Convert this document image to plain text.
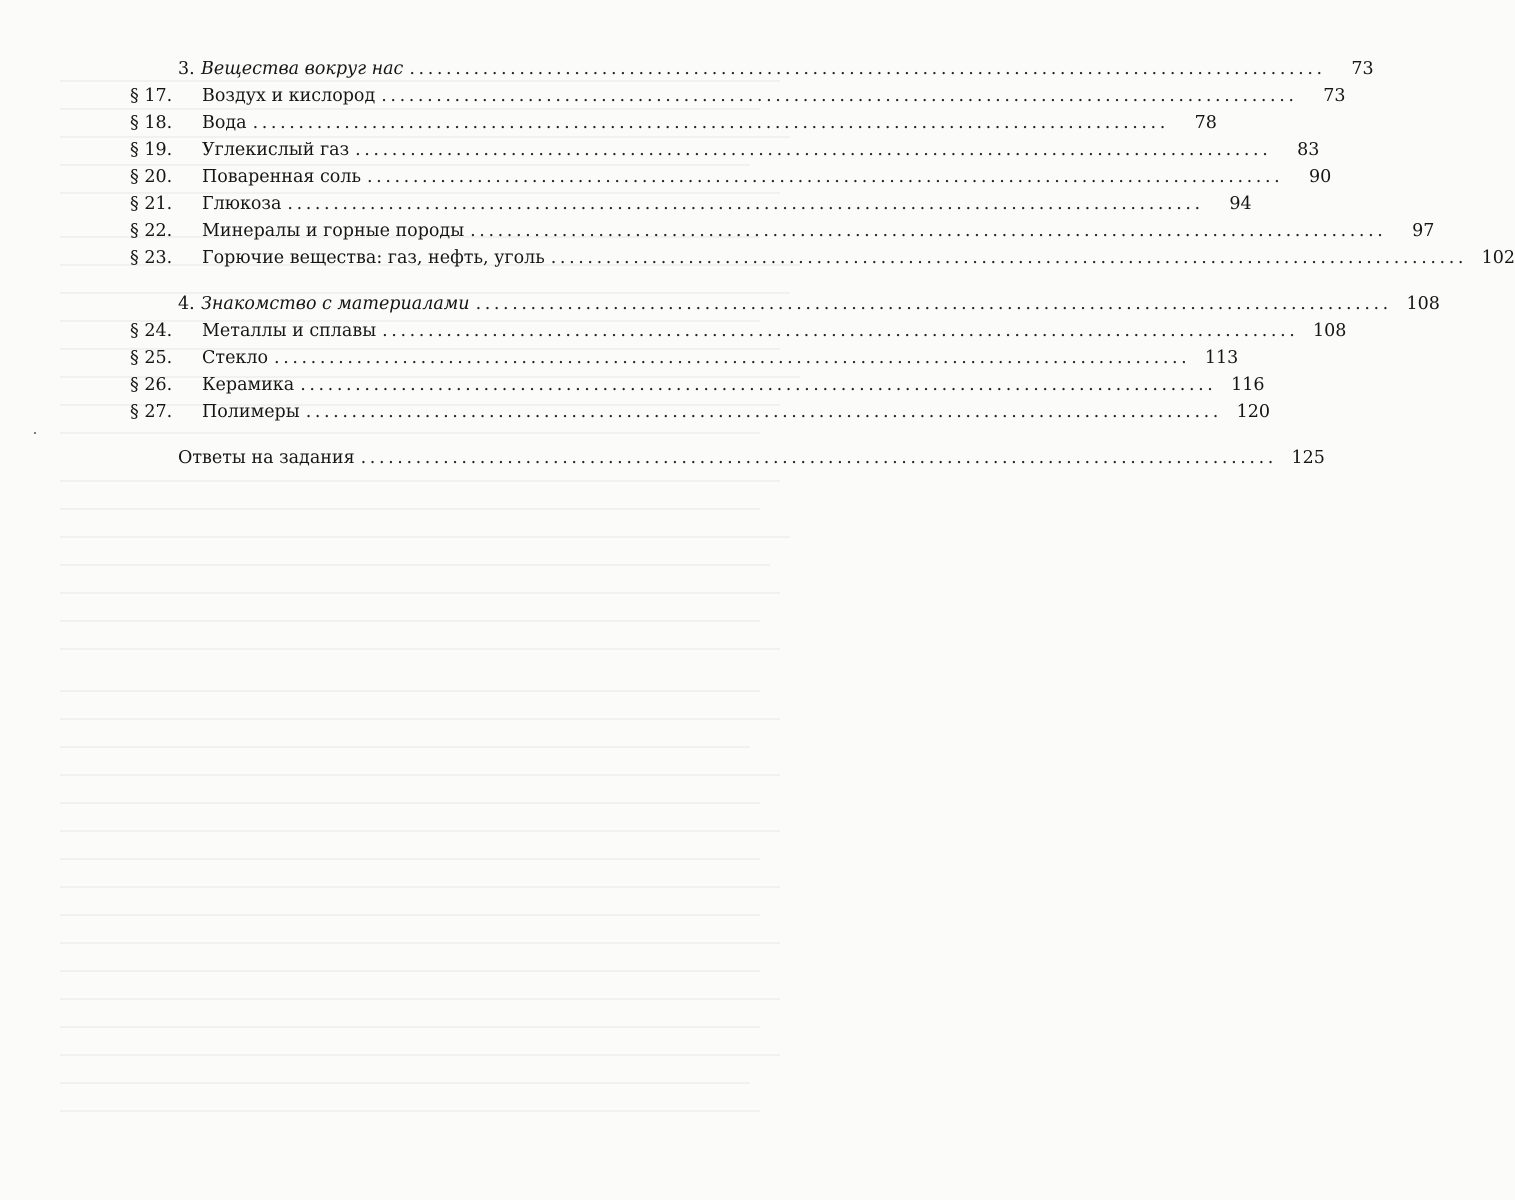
3. Вещества вокруг нас ....................................................................................................	73
§ 17.	Воздух и кислород ....................................................................................................	73
§ 18.	Вода ....................................................................................................	78
§ 19.	Углекислый газ ....................................................................................................	83
§ 20.	Поваренная соль ....................................................................................................	90
§ 21.	Глюкоза ....................................................................................................	94
§ 22.	Минералы и горные породы ....................................................................................................	97
§ 23.	Горючие вещества: газ, нефть, уголь .................................................................................................... 102
4. Знакомство с материалами .................................................................................................... 108
§ 24.	Металлы и сплавы .................................................................................................... 108
§ 25.	Стекло .................................................................................................... 113
§ 26.	Керамика .................................................................................................... 116
§ 27.	Полимеры .................................................................................................... 120
Ответы на задания .................................................................................................... 125
